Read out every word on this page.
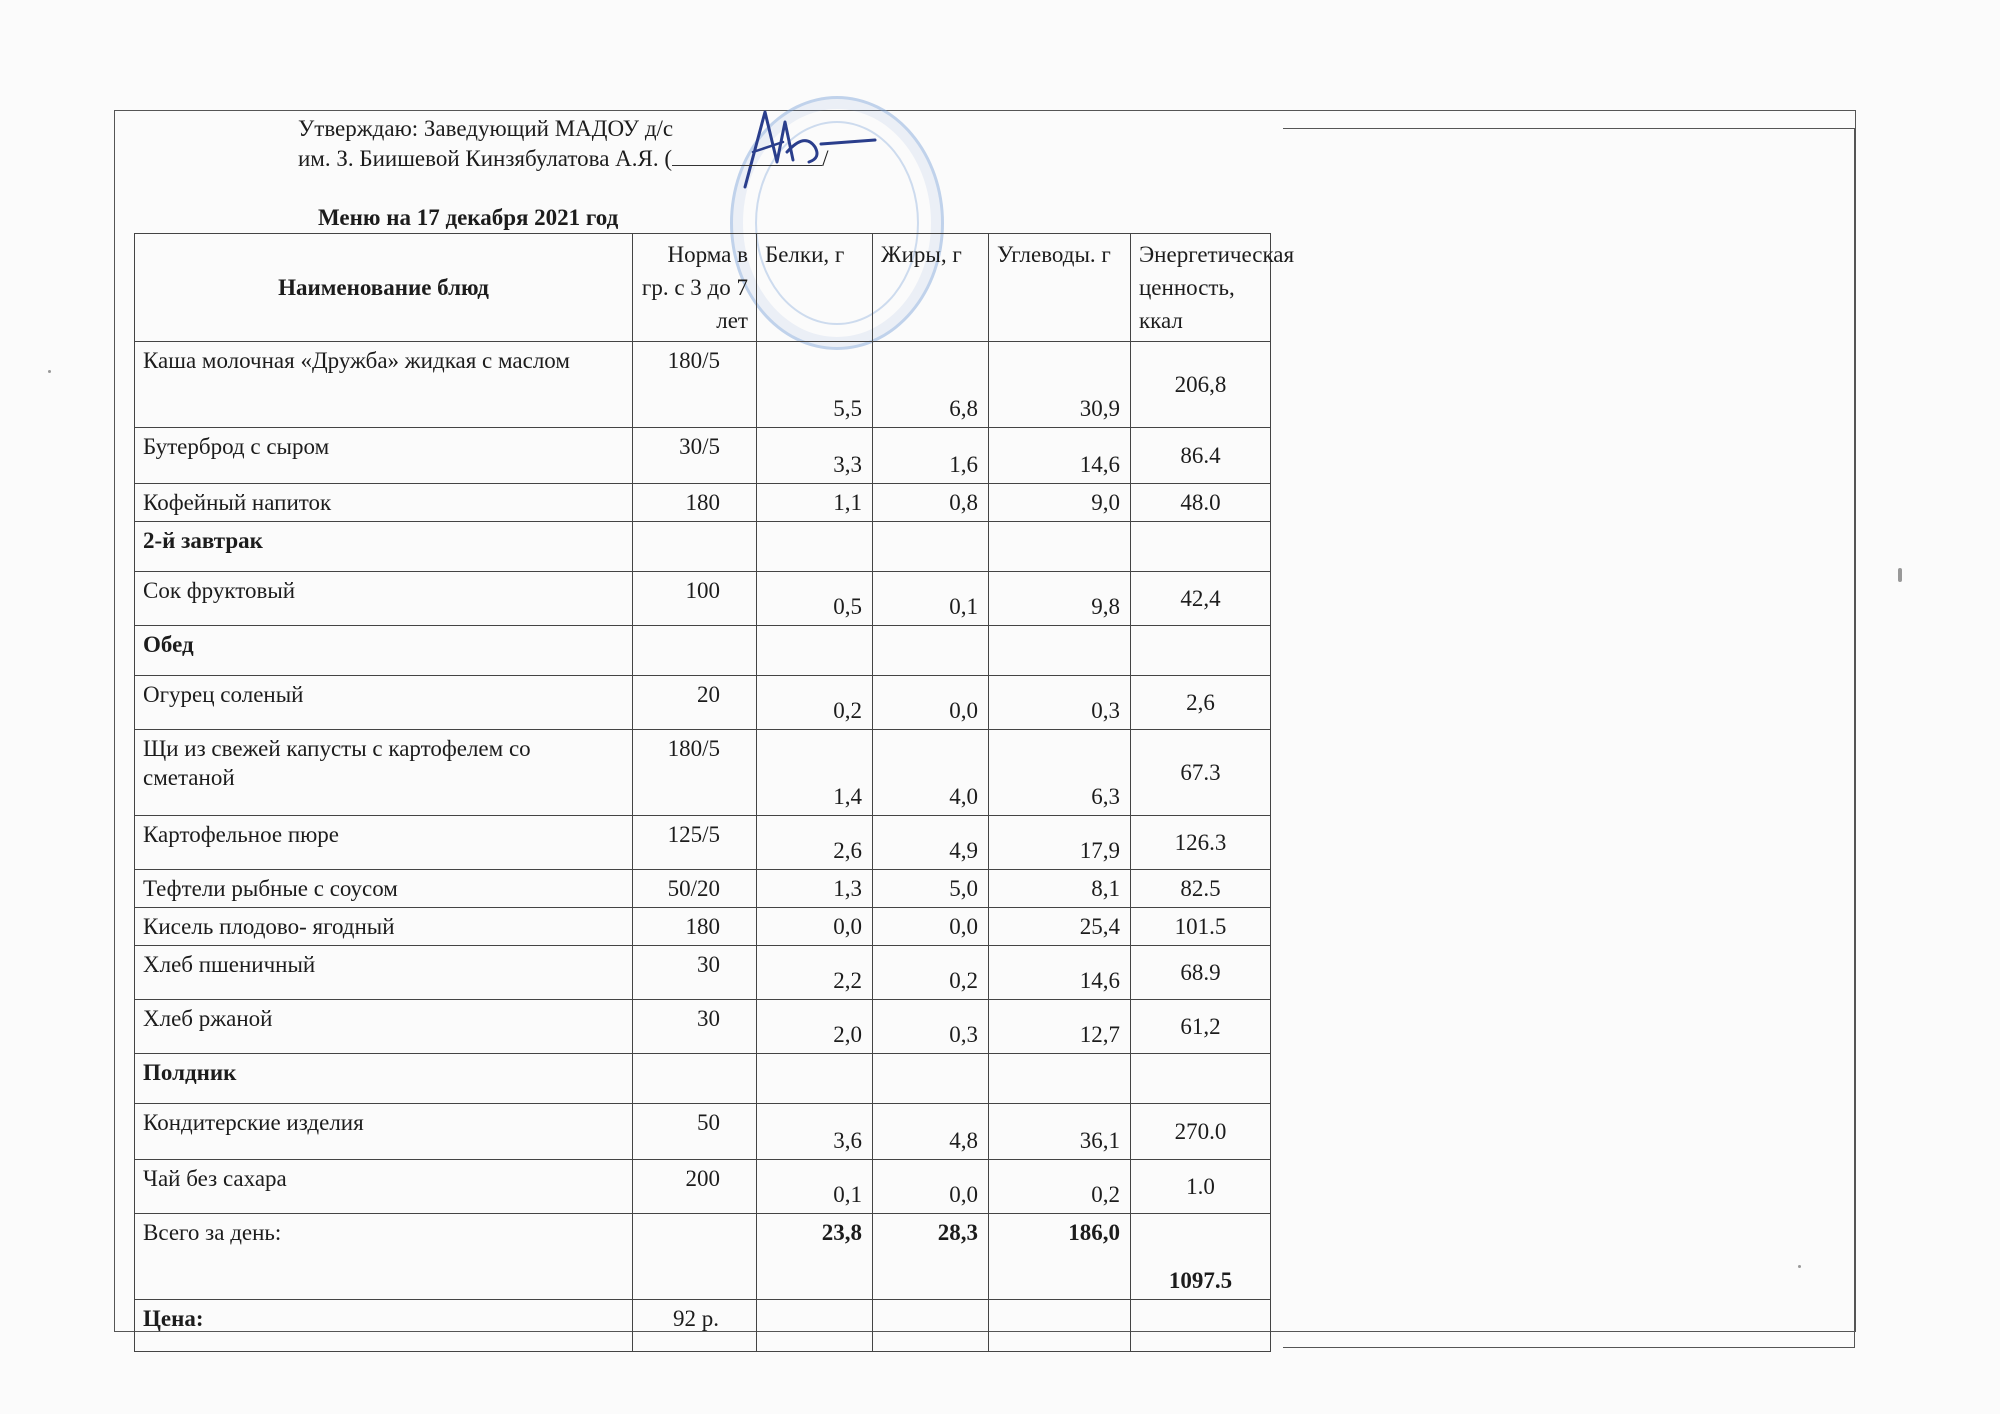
Утверждаю: Заведующий МАДОУ д/с
им. З. Биишевой Кинзябулатова А.Я. (	/
Меню на 17 декабря 2021 год
Наименование блюд	Норма в гр. с 3 до 7 лет	Белки, г	Жиры, г	Углеводы. г	Энергетическая ценность, ккал
Каша молочная «Дружба» жидкая с маслом	180/5	5,5	6,8	30,9	206,8
Бутерброд с сыром	30/5	3,3	1,6	14,6	86.4
Кофейный напиток	180	1,1	0,8	9,0	48.0
2-й завтрак					
Сок фруктовый	100	0,5	0,1	9,8	42,4
Обед					
Огурец соленый	20	0,2	0,0	0,3	2,6
Щи из свежей капусты с картофелем со сметаной	180/5	1,4	4,0	6,3	67.3
Картофельное пюре	125/5	2,6	4,9	17,9	126.3
Тефтели рыбные с соусом	50/20	1,3	5,0	8,1	82.5
Кисель плодово- ягодный	180	0,0	0,0	25,4	101.5
Хлеб пшеничный	30	2,2	0,2	14,6	68.9
Хлеб ржаной	30	2,0	0,3	12,7	61,2
Полдник					
Кондитерские изделия	50	3,6	4,8	36,1	270.0
Чай без сахара	200	0,1	0,0	0,2	1.0
Всего за день:		23,8	28,3	186,0	1097.5
Цена:	92 р.				
